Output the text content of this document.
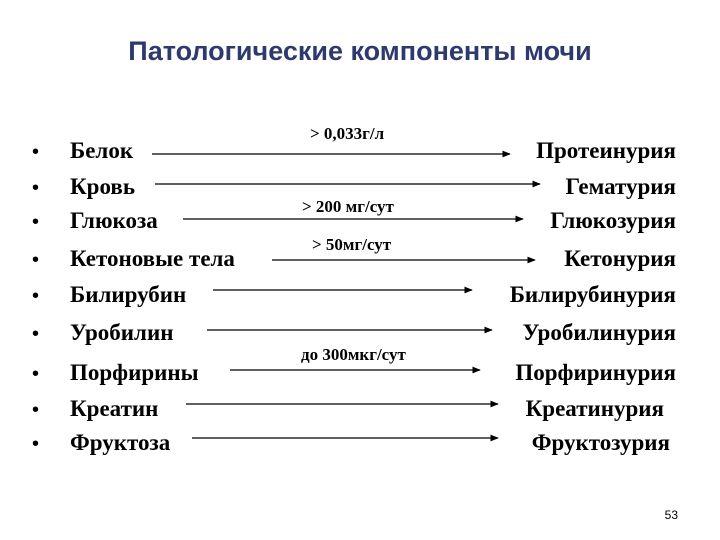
Патологические компоненты мочи
• Белок	Протеинурия
• Кровь	Гематурия
• Глюкоза	Глюкозурия
• Кетоновые тела	Кетонурия
• Билирубин	Билирубинурия
• Уробилин	Уробилинурия
• Порфирины	Порфиринурия
• Креатин	Креатинурия
• Фруктоза	Фруктозурия
> 0,033г/л
> 200 мг/сут
> 50мг/сут
до 300мкг/сут
53
